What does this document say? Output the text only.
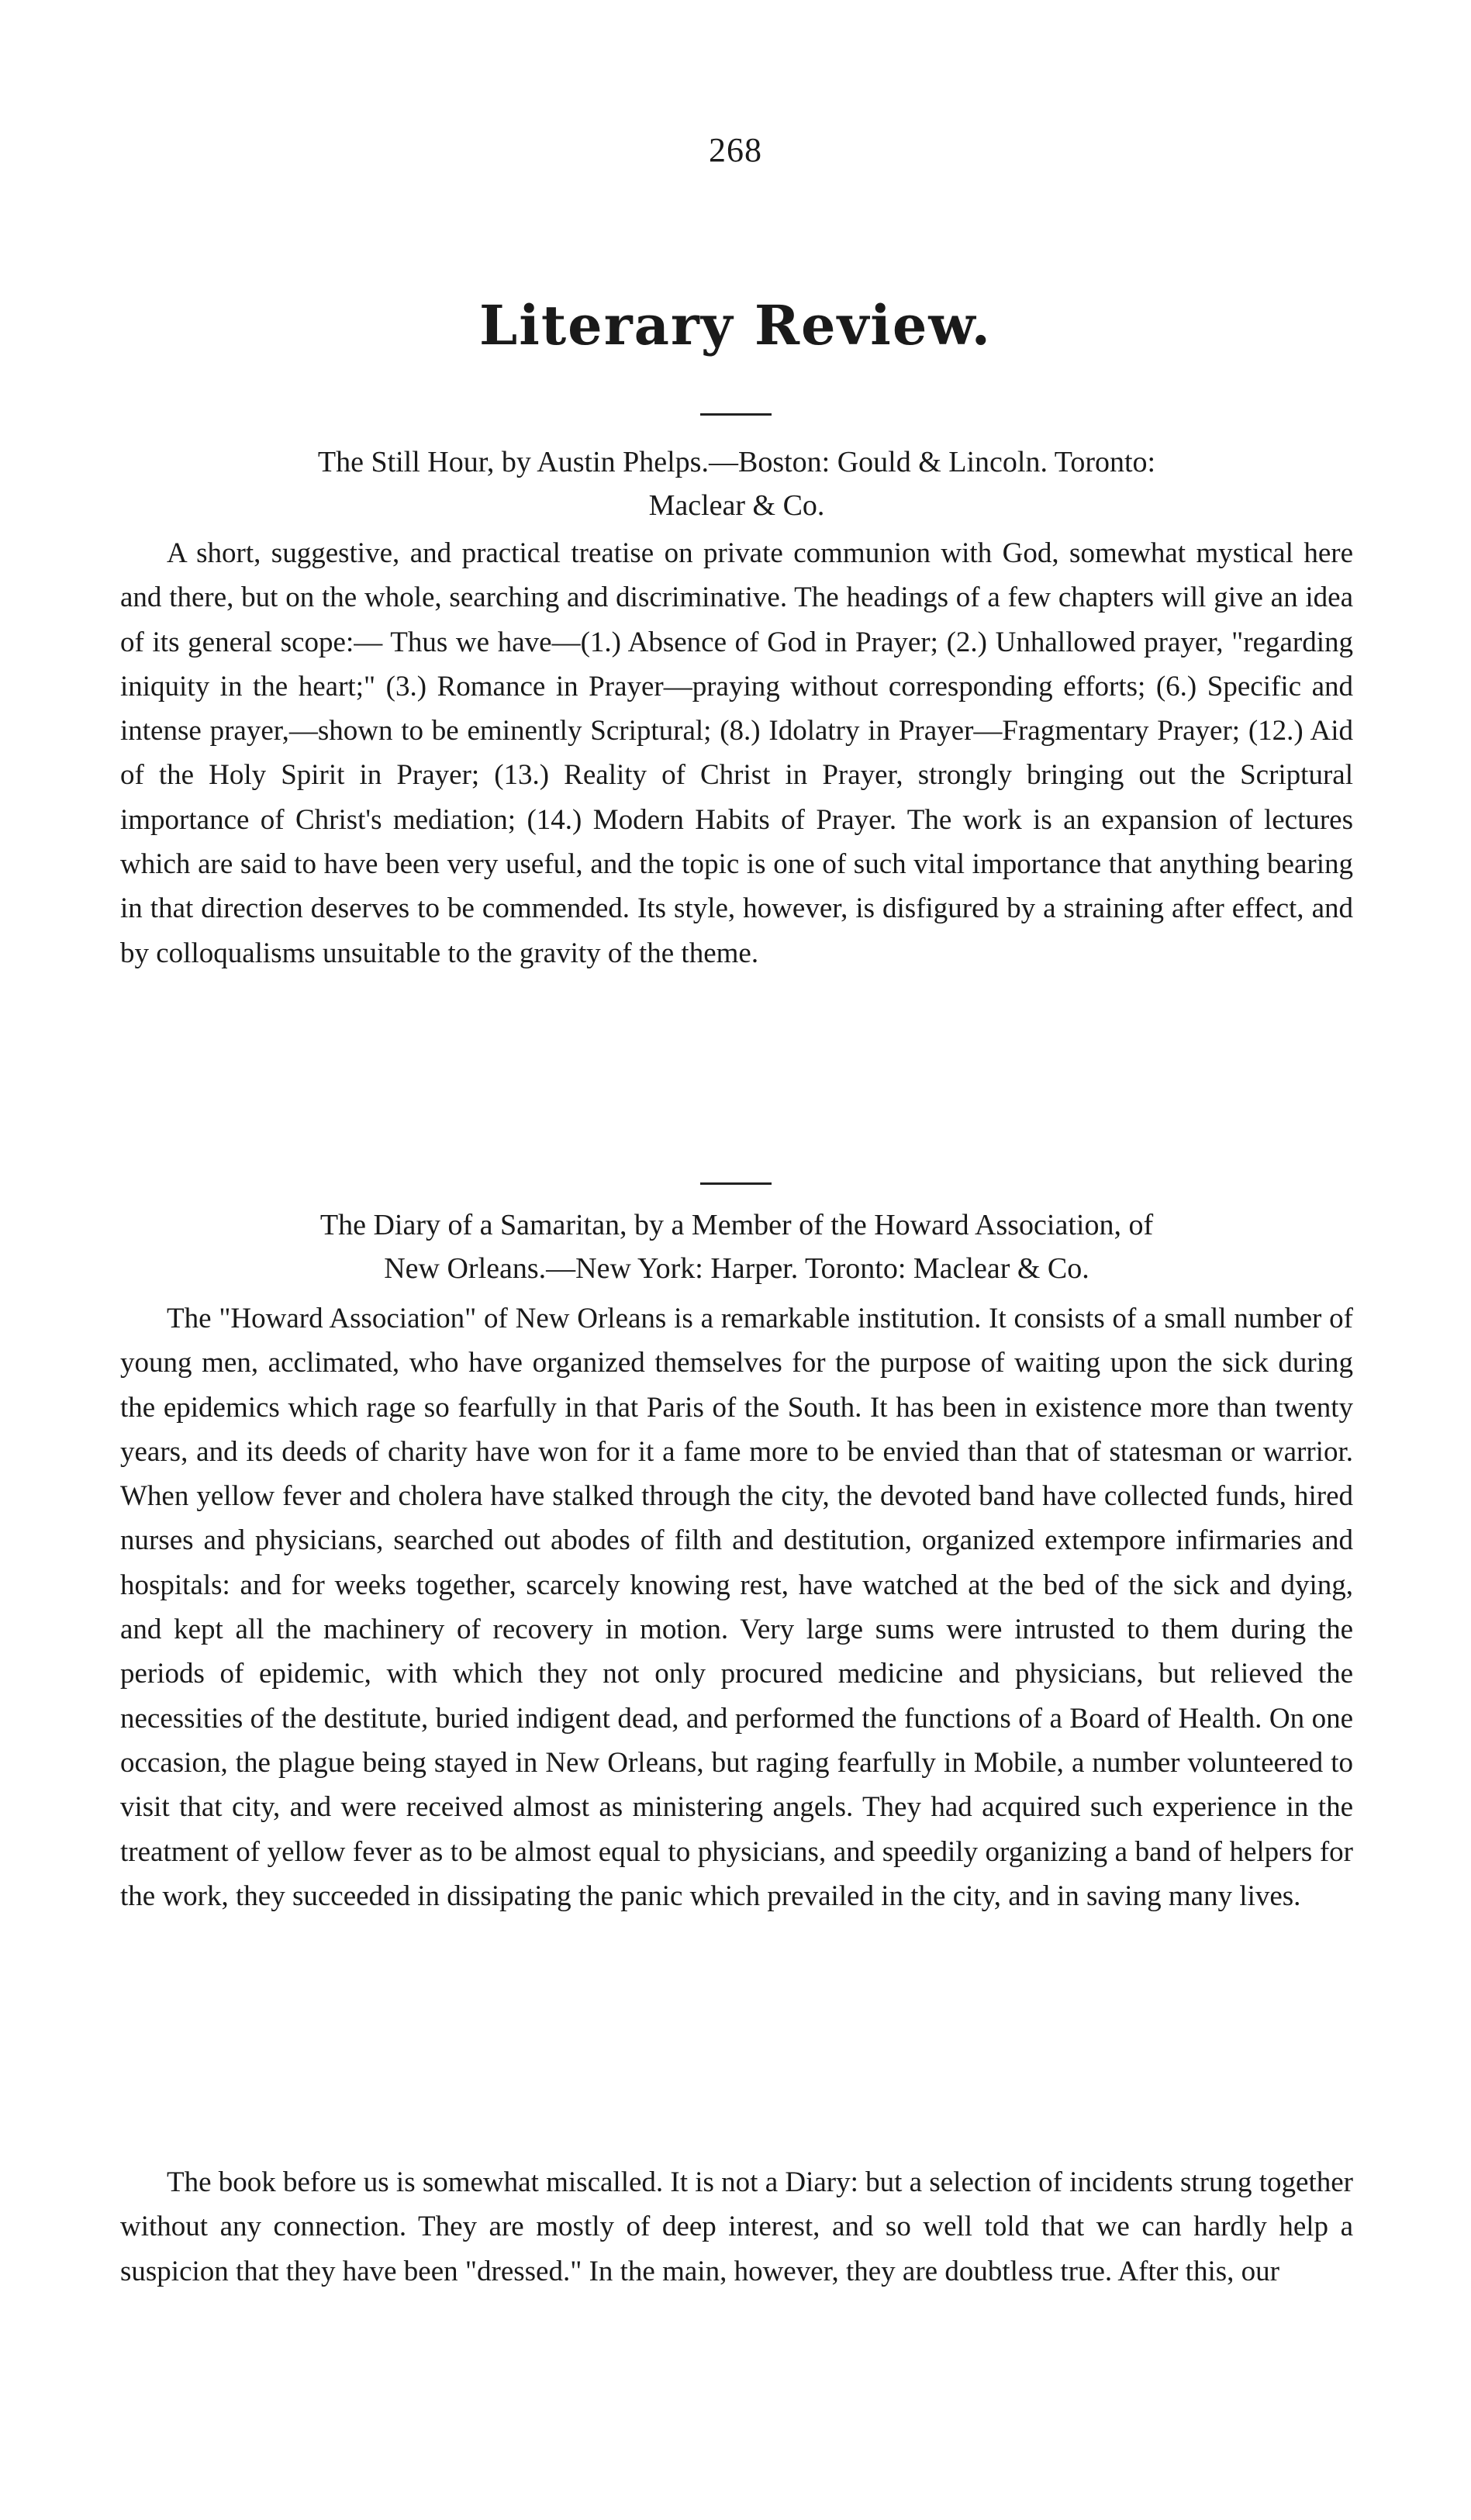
268
Literary Review.
The Still Hour, by Austin Phelps.—Boston: Gould & Lincoln. Toronto:
Maclear & Co.

A short, suggestive, and practical treatise on private communion with God, somewhat mystical here and there, but on the whole, searching and discriminative. The headings of a few chapters will give an idea of its general scope:— Thus we have—(1.) Absence of God in Prayer; (2.) Unhallowed prayer, "regarding iniquity in the heart;" (3.) Romance in Prayer—praying without corresponding efforts; (6.) Specific and intense prayer,—shown to be eminently Scriptural; (8.) Idolatry in Prayer—Fragmentary Prayer; (12.) Aid of the Holy Spirit in Prayer; (13.) Reality of Christ in Prayer, strongly bringing out the Scriptural importance of Christ's mediation; (14.) Modern Habits of Prayer. The work is an expansion of lectures which are said to have been very useful, and the topic is one of such vital importance that anything bearing in that direction deserves to be commended. Its style, however, is disfigured by a straining after effect, and by colloqualisms unsuitable to the gravity of the theme.

The Diary of a Samaritan, by a Member of the Howard Association, of
New Orleans.—New York: Harper. Toronto: Maclear & Co.

The "Howard Association" of New Orleans is a remarkable institution. It consists of a small number of young men, acclimated, who have organized themselves for the purpose of waiting upon the sick during the epidemics which rage so fearfully in that Paris of the South. It has been in existence more than twenty years, and its deeds of charity have won for it a fame more to be envied than that of statesman or warrior. When yellow fever and cholera have stalked through the city, the devoted band have collected funds, hired nurses and physicians, searched out abodes of filth and destitution, organized extempore infirmaries and hospitals: and for weeks together, scarcely knowing rest, have watched at the bed of the sick and dying, and kept all the machinery of recovery in motion. Very large sums were intrusted to them during the periods of epidemic, with which they not only procured medicine and physicians, but relieved the necessities of the destitute, buried indigent dead, and performed the functions of a Board of Health. On one occasion, the plague being stayed in New Orleans, but raging fearfully in Mobile, a number volunteered to visit that city, and were received almost as ministering angels. They had acquired such experience in the treatment of yellow fever as to be almost equal to physicians, and speedily organizing a band of helpers for the work, they succeeded in dissipating the panic which prevailed in the city, and in saving many lives.

The book before us is somewhat miscalled. It is not a Diary: but a selection of incidents strung together without any connection. They are mostly of deep interest, and so well told that we can hardly help a suspicion that they have been "dressed." In the main, however, they are doubtless true. After this, our
